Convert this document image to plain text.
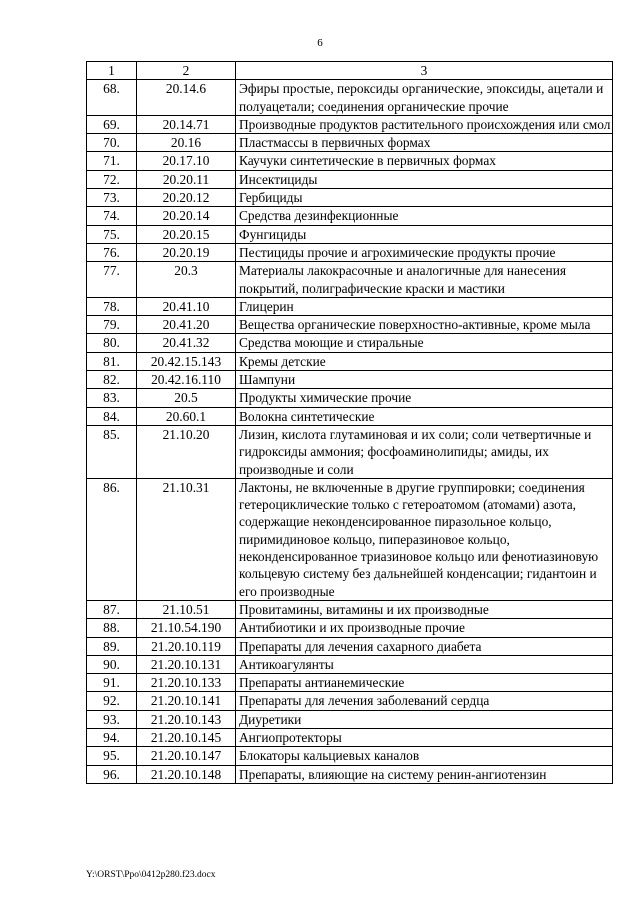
6
1	2	3
68.	20.14.6	Эфиры простые, пероксиды органические, эпоксиды, ацетали и полуацетали; соединения органические прочие
69.	20.14.71	Производные продуктов растительного происхождения или смол
70.	20.16	Пластмассы в первичных формах
71.	20.17.10	Каучуки синтетические в первичных формах
72.	20.20.11	Инсектициды
73.	20.20.12	Гербициды
74.	20.20.14	Средства дезинфекционные
75.	20.20.15	Фунгициды
76.	20.20.19	Пестициды прочие и агрохимические продукты прочие
77.	20.3	Материалы лакокрасочные и аналогичные для нанесения покрытий, полиграфические краски и мастики
78.	20.41.10	Глицерин
79.	20.41.20	Вещества органические поверхностно-активные, кроме мыла
80.	20.41.32	Средства моющие и стиральные
81.	20.42.15.143	Кремы детские
82.	20.42.16.110	Шампуни
83.	20.5	Продукты химические прочие
84.	20.60.1	Волокна синтетические
85.	21.10.20	Лизин, кислота глутаминовая и их соли; соли четвертичные и гидроксиды аммония; фосфоаминолипиды; амиды, их производные и соли
86.	21.10.31	Лактоны, не включенные в другие группировки; соединения гетероциклические только с гетероатомом (атомами) азота, содержащие неконденсированное пиразольное кольцо, пиримидиновое кольцо, пиперазиновое кольцо, неконденсированное триазиновое кольцо или фенотиазиновую кольцевую систему без дальнейшей конденсации; гидантоин и его производные
87.	21.10.51	Провитамины, витамины и их производные
88.	21.10.54.190	Антибиотики и их производные прочие
89.	21.20.10.119	Препараты для лечения сахарного диабета
90.	21.20.10.131	Антикоагулянты
91.	21.20.10.133	Препараты антианемические
92.	21.20.10.141	Препараты для лечения заболеваний сердца
93.	21.20.10.143	Диуретики
94.	21.20.10.145	Ангиопротекторы
95.	21.20.10.147	Блокаторы кальциевых каналов
96.	21.20.10.148	Препараты, влияющие на систему ренин-ангиотензин
Y:\ORST\Ppo\0412p280.f23.docx
